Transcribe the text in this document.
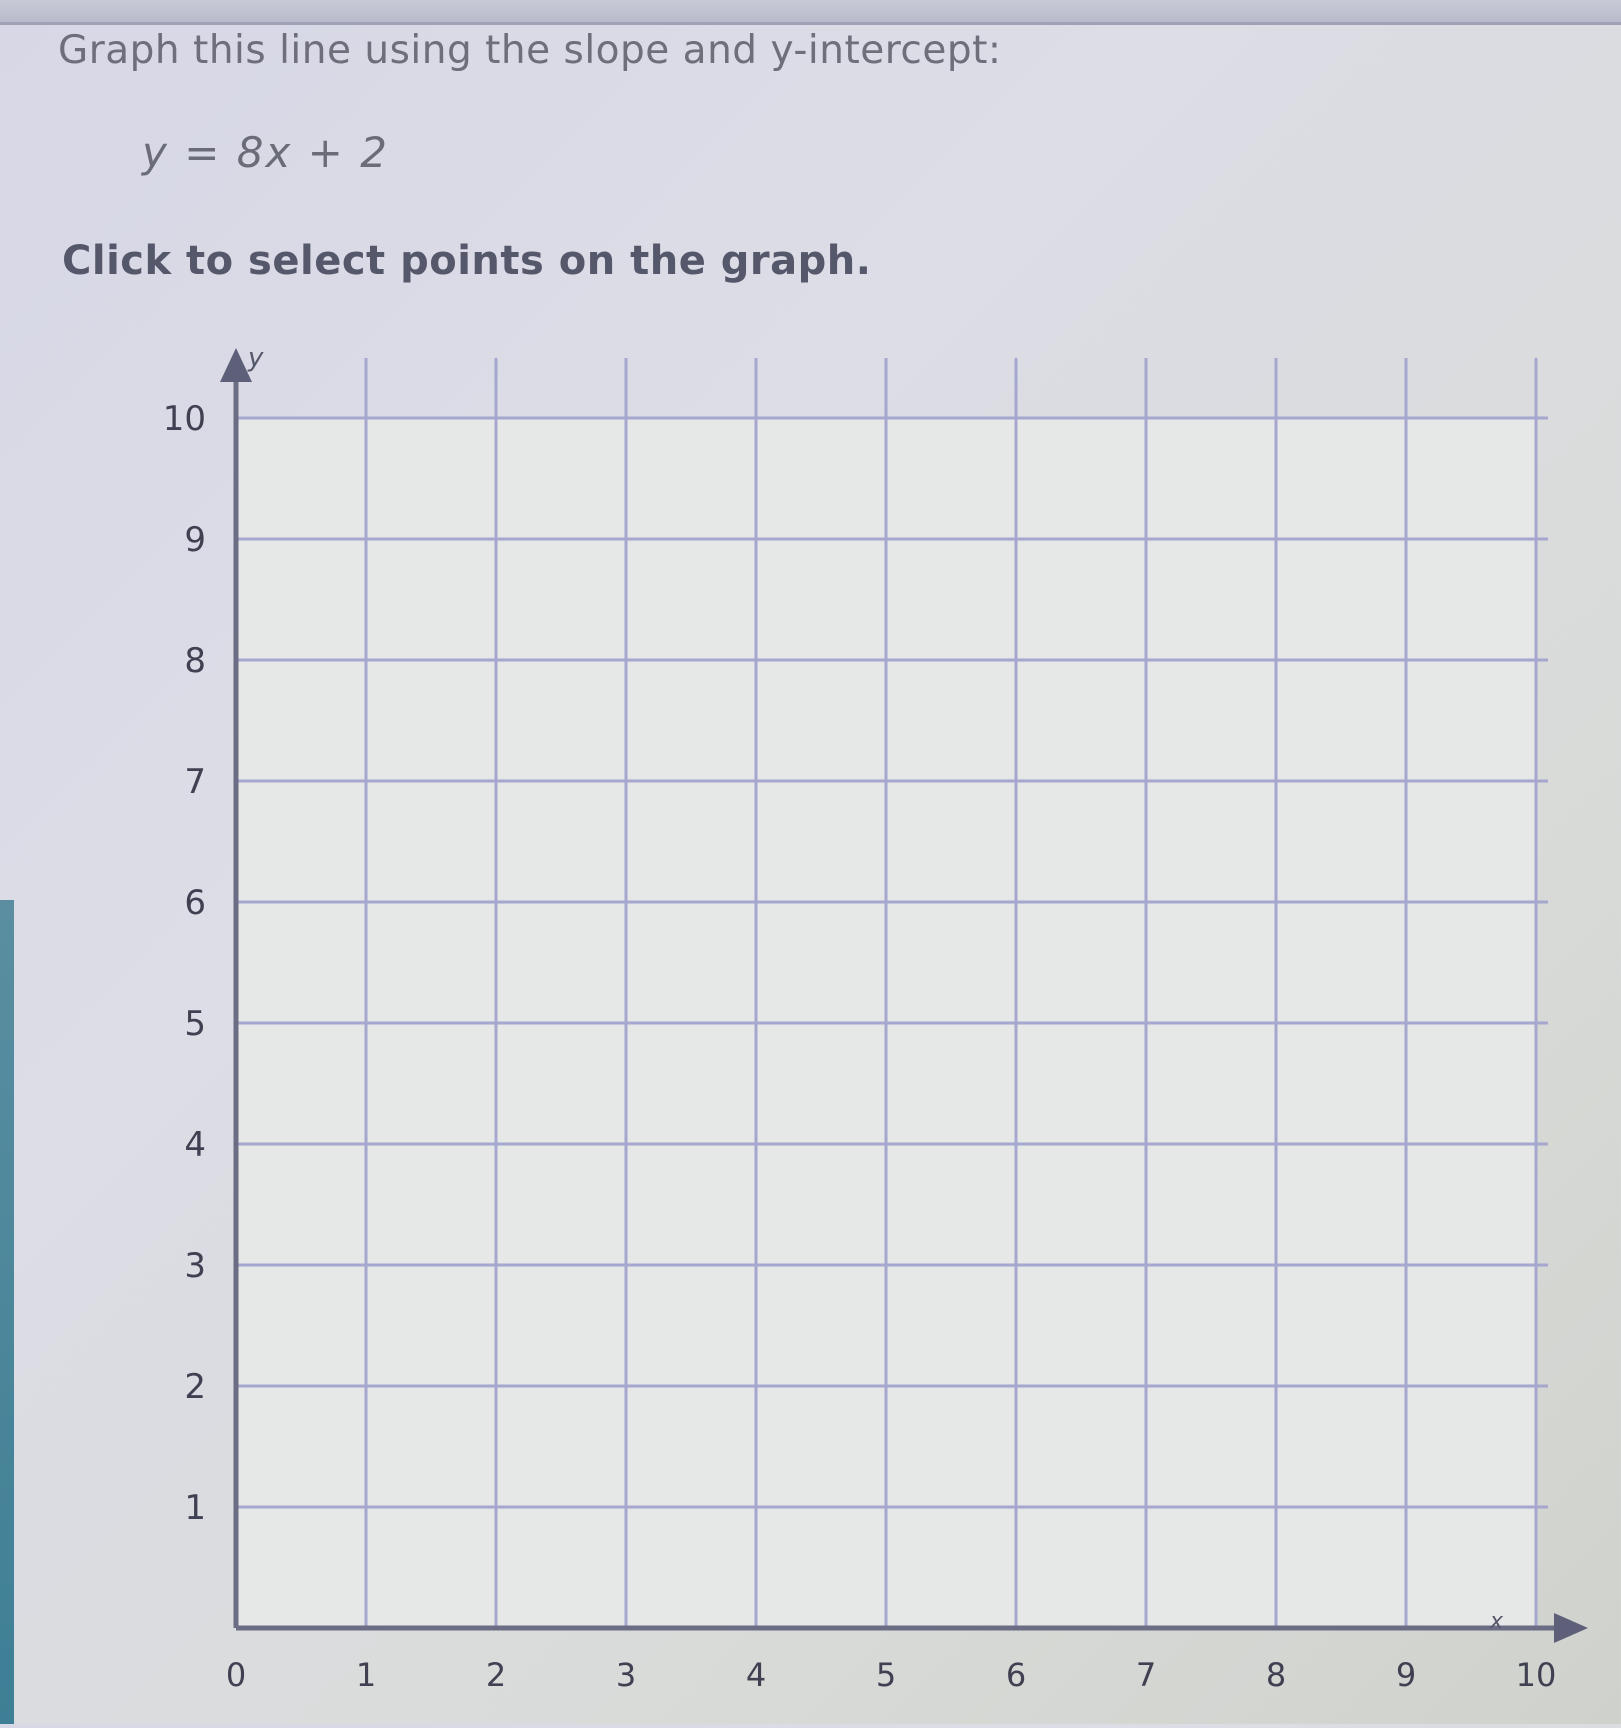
Graph this line using the slope and y-intercept:
y = 8x + 2
Click to select points on the graph.
0	1	2	3	4	5	6	7	8	9	10
1
2
3
4
5
6
7
8
9
10
y
x
